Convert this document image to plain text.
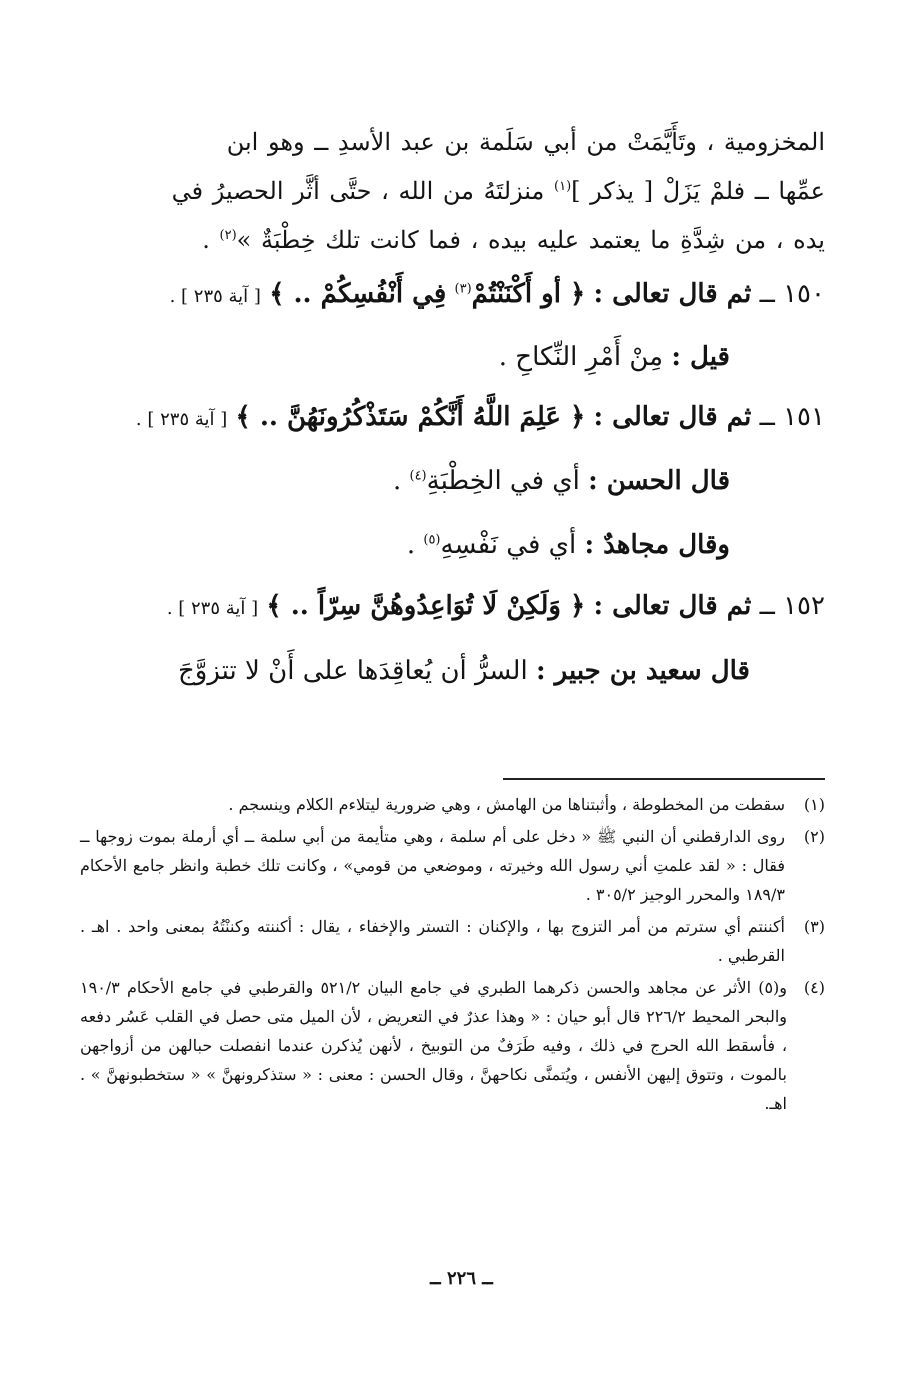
المخزومية ، وتَأَيَّمَتْ من أبي سَلَمة بن عبد الأسدِ ــ وهو ابن

عمِّها ــ فلمْ يَزَلْ [ يذكر ]$^{(١)}$ منزلتَهُ من الله ، حتَّى أثَّر الحصيرُ في

يده ، من شِدَّةِ ما يعتمد عليه بيده ، فما كانت تلك خِطْبَةٌ »$^{(٢)}$ .

١٥٠ ــ ثم قال تعالى : ﴿ أو أَكْنَنْتُمْ$^{(٣)}$ فِي أَنْفُسِكُمْ .. ﴾ [ آية ٢٣٥ ] .

قيل : مِنْ أَمْرِ النِّكاحِ .

١٥١ ــ ثم قال تعالى : ﴿ عَلِمَ اللَّهُ أَنَّكُمْ سَتَذْكُرُونَهُنَّ .. ﴾ [ آية ٢٣٥ ] .

قال الحسن : أي في الخِطْبَةِ$^{(٤)}$ .

وقال مجاهدٌ : أي في نَفْسِهِ$^{(٥)}$ .

١٥٢ ــ ثم قال تعالى : ﴿ وَلَكِنْ لَا تُوَاعِدُوهُنَّ سِرّاً .. ﴾ [ آية ٢٣٥ ] .

قال سعيد بن جبير : السرُّ أن يُعاقِدَها على أَنْ لا تتزوَّجَ

(١)
سقطت من المخطوطة ، وأثبتناها من الهامش ، وهي ضرورية ليتلاءم الكلام وينسجم .
(٢)
روى الدارقطني أن النبي ﷺ « دخل على أم سلمة ، وهي متأيمة من أبي سلمة ــ أي أرملة بموت زوجها ــ فقال : « لقد علمتِ أني رسول الله وخيرته ، وموضعي من قومي» ، وكانت تلك خطبة وانظر جامع الأحكام ١٨٩/٣ والمحرر الوجيز ٣٠٥/٢ .
(٣)
أكننتم أي سترتم من أمر التزوج بها ، والإكنان : التستر والإخفاء ، يقال : أكننته وكننْتُهُ بمعنى واحد . اهـ . القرطبي .
(٤)
و(٥) الأثر عن مجاهد والحسن ذكرهما الطبري في جامع البيان ٥٢١/٢ والقرطبي في جامع الأحكام ١٩٠/٣ والبحر المحيط ٢٢٦/٢ قال أبو حيان : « وهذا عذرٌ في التعريض ، لأن الميل متى حصل في القلب عَسُر دفعه ، فأسقط الله الحرج في ذلك ، وفيه طَرَفٌ من التوبيخ ، لأنهن يُذكرن عندما انفصلت حبالهن من أزواجهن بالموت ، وتتوق إليهن الأنفس ، ويُتمنَّى نكاحهنَّ ، وقال الحسن : معنى : « ستذكرونهنَّ » « ستخطبونهنَّ » . اهـ.
ــ ٢٢٦ ــ
